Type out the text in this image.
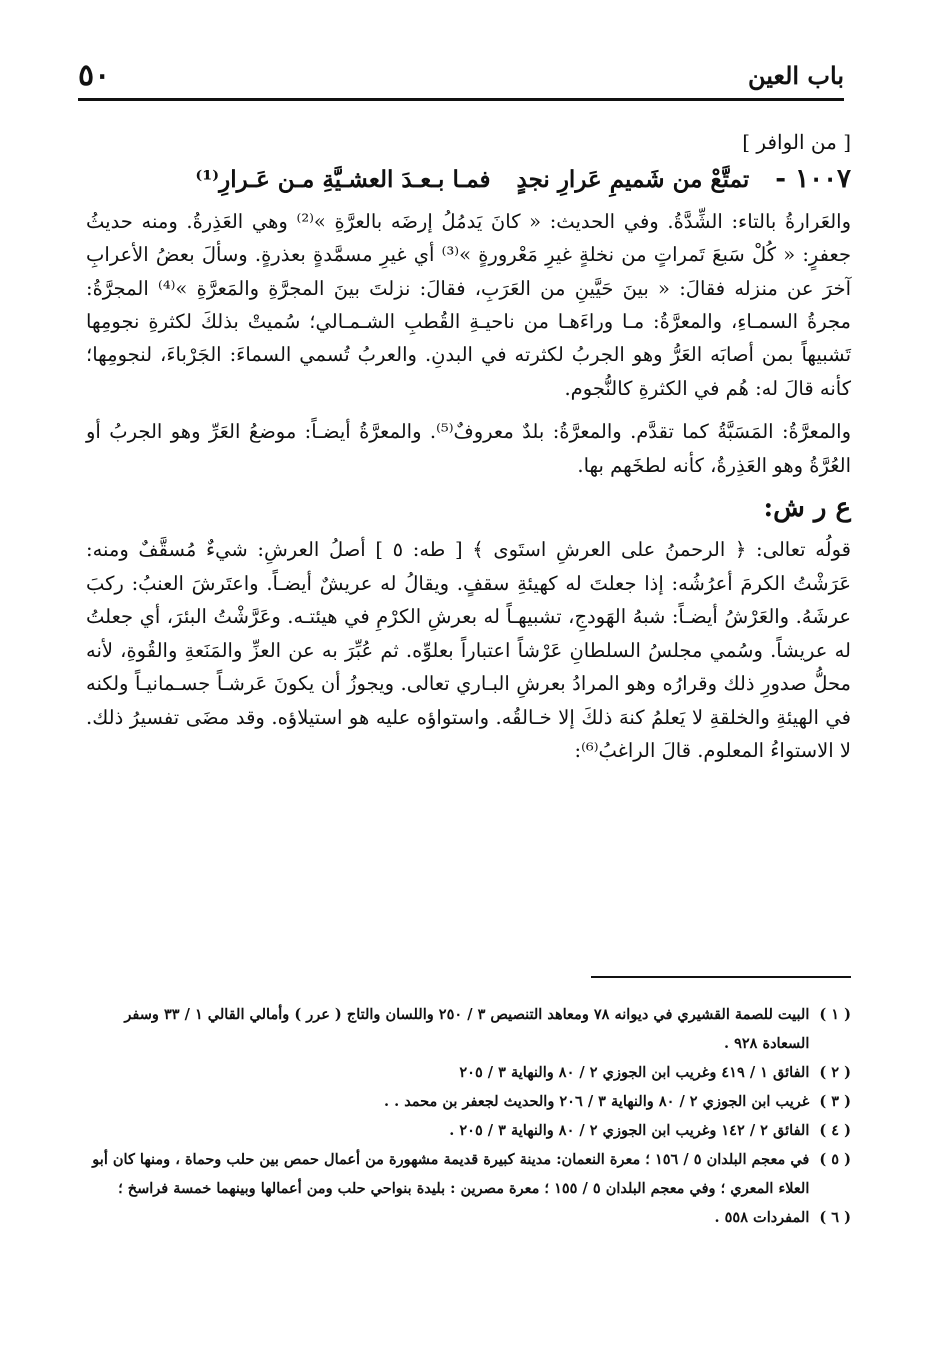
باب العين
٥٠
[ من الوافر ]
١٠٠٧ -
تمتَّعْ من شَميمِ عَرارِ نجدٍ
فمـا بـعـدَ العشـيَّةِ مـن عَـرارِ⁽¹⁾

والعَرارةُ بالتاء: الشِّدَّةُ. وفي الحديث: « كانَ يَدمُلُ إرضَه بالعرَّةِ »⁽²⁾ وهي العَذِرةُ. ومنه حديثُ جعفرٍ: « كُلْ سَبعَ تَمراتٍ من نخلةٍ غيرِ مَعْرورةٍ »⁽³⁾ أي غيرِ مسمَّدةٍ بعذرةٍ. وسألَ بعضُ الأعرابِ آخرَ عن منزله فقالَ: « بينَ حَيَّينِ من العَرَبِ، فقالَ: نزلتَ بينَ المجرَّةِ والمَعرَّةِ »⁽⁴⁾ المجرَّةُ: مجرةُ السمـاءِ، والمعرَّةُ: مـا وراءَهـا من ناحيـةِ القُطبِ الشـمـالي؛ سُميتْ بذلكَ لكثرةِ نجومِها تَشبيهاً بمن أصابَه العَرُّ وهو الجربُ لكثرته في البدنِ. والعربُ تُسمي السماءَ: الجَرْباءَ، لنجومِها؛ كأنه قالَ له: هُم في الكثرةِ كالنُّجوم.

والمعرَّةُ: المَسَبَّةُ كما تقدَّم. والمعرَّةُ: بلدٌ معروفٌ⁽⁵⁾. والمعرَّةُ أيضـاً: موضعُ العَرِّ وهو الجربُ أو العُرَّةُ وهو العَذِرةُ، كأنه لطخَهم بها.

ع ر ش:

قولُه تعالى: ﴿ الرحمنُ على العرشِ استَوى ﴾ [ طه: ٥ ] أصلُ العرشِ: شيءٌ مُسقَّفٌ ومنه: عَرَشْتُ الكرمَ أعرُشُه: إذا جعلتَ له كهيئةِ سقفٍ. ويقالُ له عريشٌ أيضـاً. واعتَرشَ العنبُ: ركبَ عرشَهُ. والعَرْشُ أيضـاً: شبهُ الهَودجِ، تشبيهـاً له بعرشِ الكرْمِ في هيئتـه. وعَرَّشْتُ البئرَ، أي جعلتُ له عريشاً. وسُمي مجلسُ السلطانِ عَرْشاً اعتباراً بعلوِّه. ثم عُبِّرَ به عن العزِّ والمَنَعةِ والقُوةِ، لأنه محلُّ صدورِ ذلك وقرارُه وهو المرادُ بعرشِ البـاري تعالى. ويجوزُ أن يكونَ عَرشـاً جسـمانيـاً ولكنه في الهيئةِ والخلقةِ لا يَعلمُ كنهَ ذلكَ إلا خـالقُه. واستواؤه عليه هو استيلاؤه. وقد مضَى تفسيرُ ذلك. لا الاستواءُ المعلوم. قالَ الراغبُ⁽⁶⁾:

( ١ )
البيت للصمة القشيري في ديوانه ٧٨ ومعاهد التنصيص ٣ / ٢٥٠ واللسان والتاج ( عرر ) وأمالي القالي ١ / ٣٣ وسفر السعادة ٩٢٨ .
( ٢ )
الفائق ١ / ٤١٩ وغريب ابن الجوزي ٢ / ٨٠ والنهاية ٣ / ٢٠٥
( ٣ )
غريب ابن الجوزي ٢ / ٨٠ والنهاية ٣ / ٢٠٦ والحديث لجعفر بن محمد . .
( ٤ )
الفائق ٢ / ١٤٢ وغريب ابن الجوزي ٢ / ٨٠ والنهاية ٣ / ٢٠٥ .
( ٥ )
في معجم البلدان ٥ / ١٥٦ ؛ معرة النعمان: مدينة كبيرة قديمة مشهورة من أعمال حمص بين حلب وحماة ، ومنها كان أبو العلاء المعري ؛ وفي معجم البلدان ٥ / ١٥٥ ؛ معرة مصرين : بليدة بنواحي حلب ومن أعمالها وبينهما خمسة فراسخ ؛
( ٦ )
المفردات ٥٥٨ .
